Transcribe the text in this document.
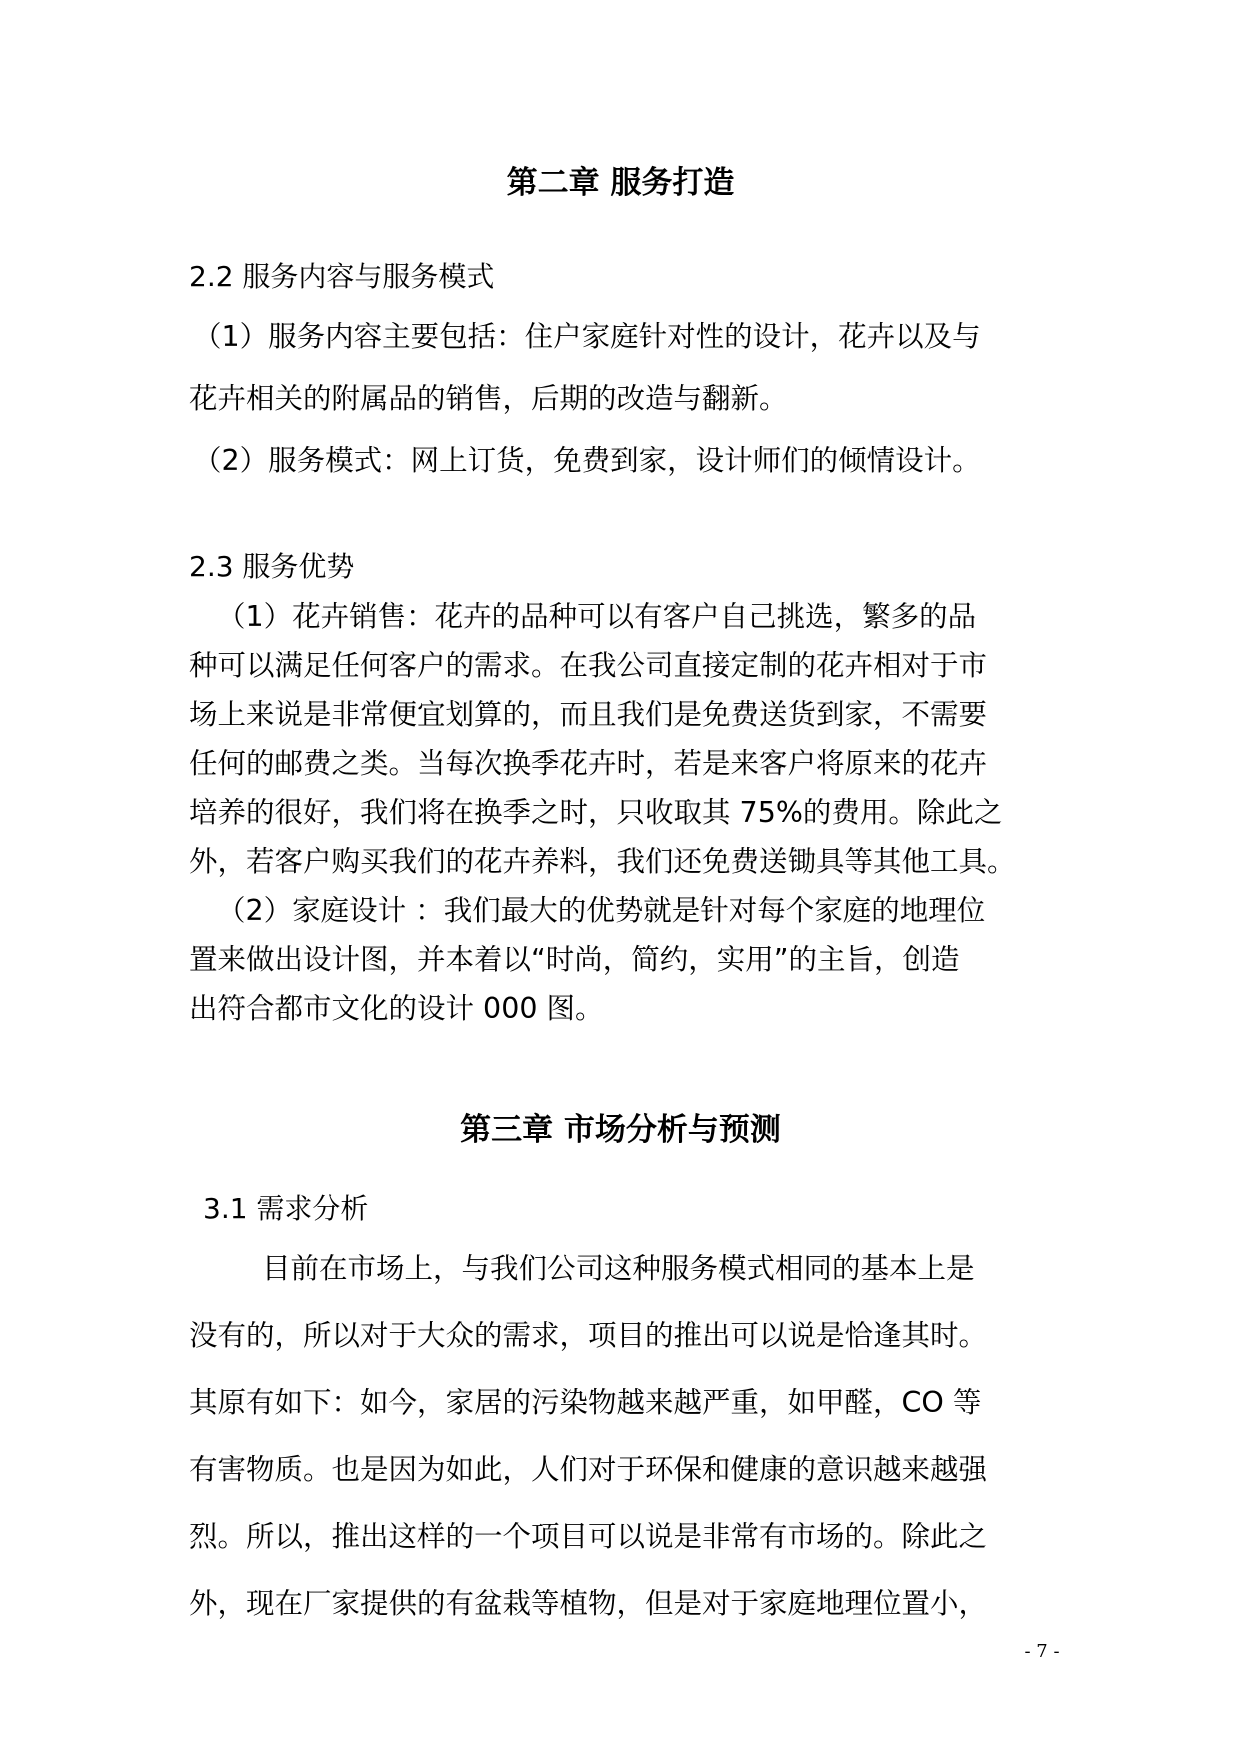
第二章 服务打造
2.2 服务内容与服务模式
（1）服务内容主要包括：住户家庭针对性的设计，花卉以及与
花卉相关的附属品的销售，后期的改造与翻新。
（2）服务模式：网上订货，免费到家，设计师们的倾情设计。
2.3 服务优势
（1）花卉销售：花卉的品种可以有客户自己挑选，繁多的品
种可以满足任何客户的需求。在我公司直接定制的花卉相对于市
场上来说是非常便宜划算的，而且我们是免费送货到家，不需要
任何的邮费之类。当每次换季花卉时，若是来客户将原来的花卉
培养的很好，我们将在换季之时，只收取其 75%的费用。除此之
外，若客户购买我们的花卉养料，我们还免费送锄具等其他工具。
（2）家庭设计 ：我们最大的优势就是针对每个家庭的地理位
置来做出设计图，并本着以“时尚，简约，实用”的主旨，创造
出符合都市文化的设计 000 图。
第三章 市场分析与预测
3.1 需求分析
目前在市场上，与我们公司这种服务模式相同的基本上是
没有的，所以对于大众的需求，项目的推出可以说是恰逢其时。
其原有如下：如今，家居的污染物越来越严重，如甲醛，CO 等
有害物质。也是因为如此，人们对于环保和健康的意识越来越强
烈。所以，推出这样的一个项目可以说是非常有市场的。除此之
外，现在厂家提供的有盆栽等植物，但是对于家庭地理位置小，
- 7 -
